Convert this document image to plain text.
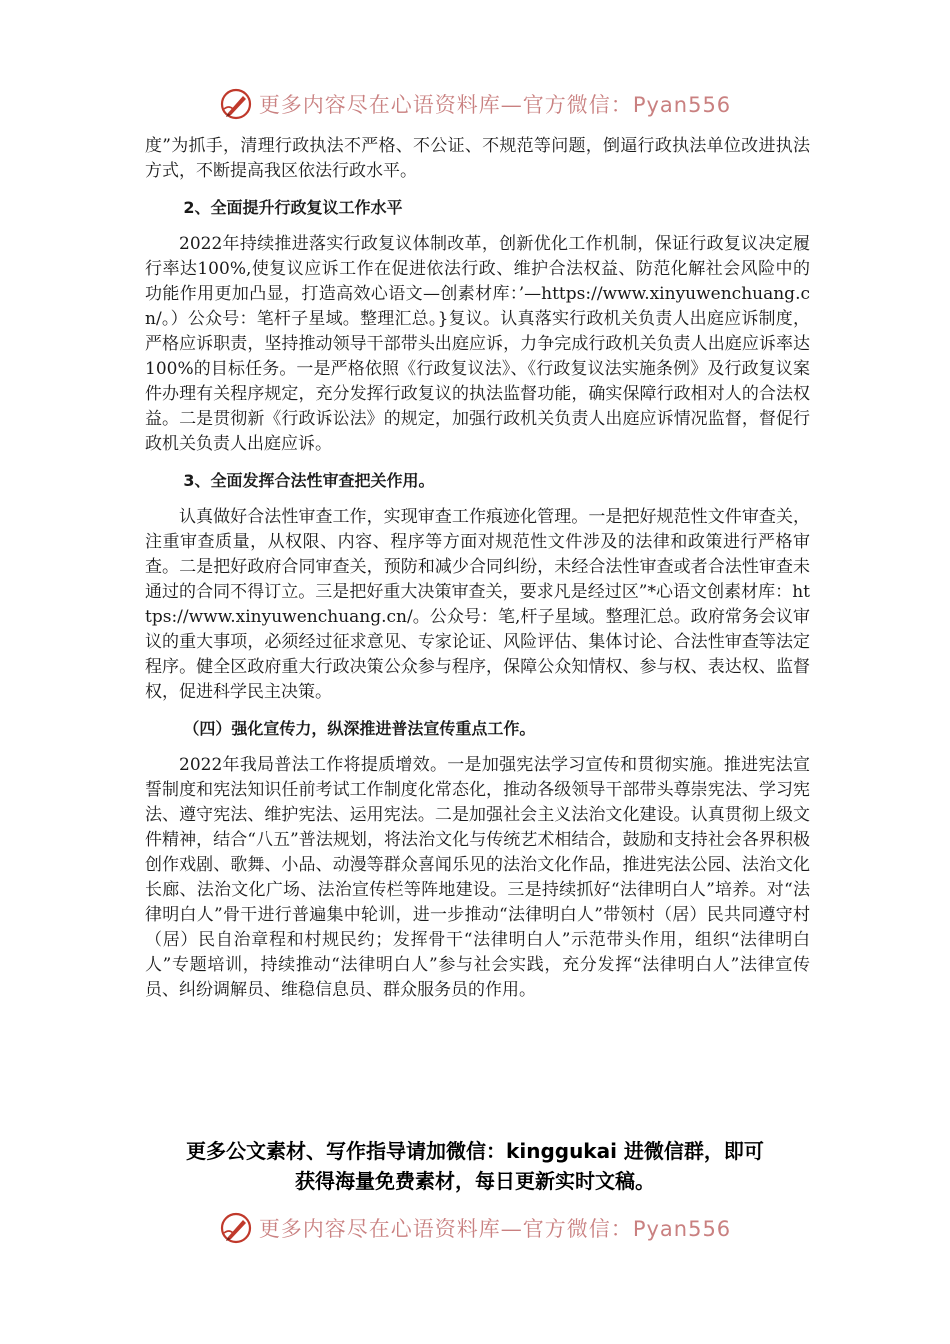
更多内容尽在心语资料库—官方微信：Pyan556

度”为抓手，清理行政执法不严格、不公证、不规范等问题，倒逼行政执法单位改进执法方式，不断提高我区依法行政水平。

2、全面提升行政复议工作水平

2022年持续推进落实行政复议体制改革，创新优化工作机制，保证行政复议决定履行率达100%,使复议应诉工作在促进依法行政、维护合法权益、防范化解社会风险中的功能作用更加凸显，打造高效心语文—创素材库：’—https://www.xinyuwenchuang.cn/。）公众号：笔杆子星域。整理汇总。}复议。认真落实行政机关负责人出庭应诉制度，严格应诉职责，坚持推动领导干部带头出庭应诉，力争完成行政机关负责人出庭应诉率达100%的目标任务。一是严格依照《行政复议法》、《行政复议法实施条例》及行政复议案件办理有关程序规定，充分发挥行政复议的执法监督功能，确实保障行政相对人的合法权益。二是贯彻新《行政诉讼法》的规定，加强行政机关负责人出庭应诉情况监督，督促行政机关负责人出庭应诉。

3、全面发挥合法性审查把关作用。

认真做好合法性审查工作，实现审查工作痕迹化管理。一是把好规范性文件审查关，注重审查质量，从权限、内容、程序等方面对规范性文件涉及的法律和政策进行严格审查。二是把好政府合同审查关，预防和减少合同纠纷，未经合法性审查或者合法性审查未通过的合同不得订立。三是把好重大决策审查关，要求凡是经过区”*心语文创素材库：https://www.xinyuwenchuang.cn/。公众号：笔,杆子星域。整理汇总。政府常务会议审议的重大事项，必须经过征求意见、专家论证、风险评估、集体讨论、合法性审查等法定程序。健全区政府重大行政决策公众参与程序，保障公众知情权、参与权、表达权、监督权，促进科学民主决策。

（四）强化宣传力，纵深推进普法宣传重点工作。

2022年我局普法工作将提质增效。一是加强宪法学习宣传和贯彻实施。推进宪法宣誓制度和宪法知识任前考试工作制度化常态化，推动各级领导干部带头尊崇宪法、学习宪法、遵守宪法、维护宪法、运用宪法。二是加强社会主义法治文化建设。认真贯彻上级文件精神，结合“八五”普法规划，将法治文化与传统艺术相结合，鼓励和支持社会各界积极创作戏剧、歌舞、小品、动漫等群众喜闻乐见的法治文化作品，推进宪法公园、法治文化长廊、法治文化广场、法治宣传栏等阵地建设。三是持续抓好“法律明白人”培养。对“法律明白人”骨干进行普遍集中轮训，进一步推动“法律明白人”带领村（居）民共同遵守村（居）民自治章程和村规民约；发挥骨干“法律明白人”示范带头作用，组织“法律明白人”专题培训，持续推动“法律明白人”参与社会实践，充分发挥“法律明白人”法律宣传员、纠纷调解员、维稳信息员、群众服务员的作用。

更多公文素材、写作指导请加微信：kinggukai 进微信群，即可
获得海量免费素材，每日更新实时文稿。
更多内容尽在心语资料库—官方微信：Pyan556
